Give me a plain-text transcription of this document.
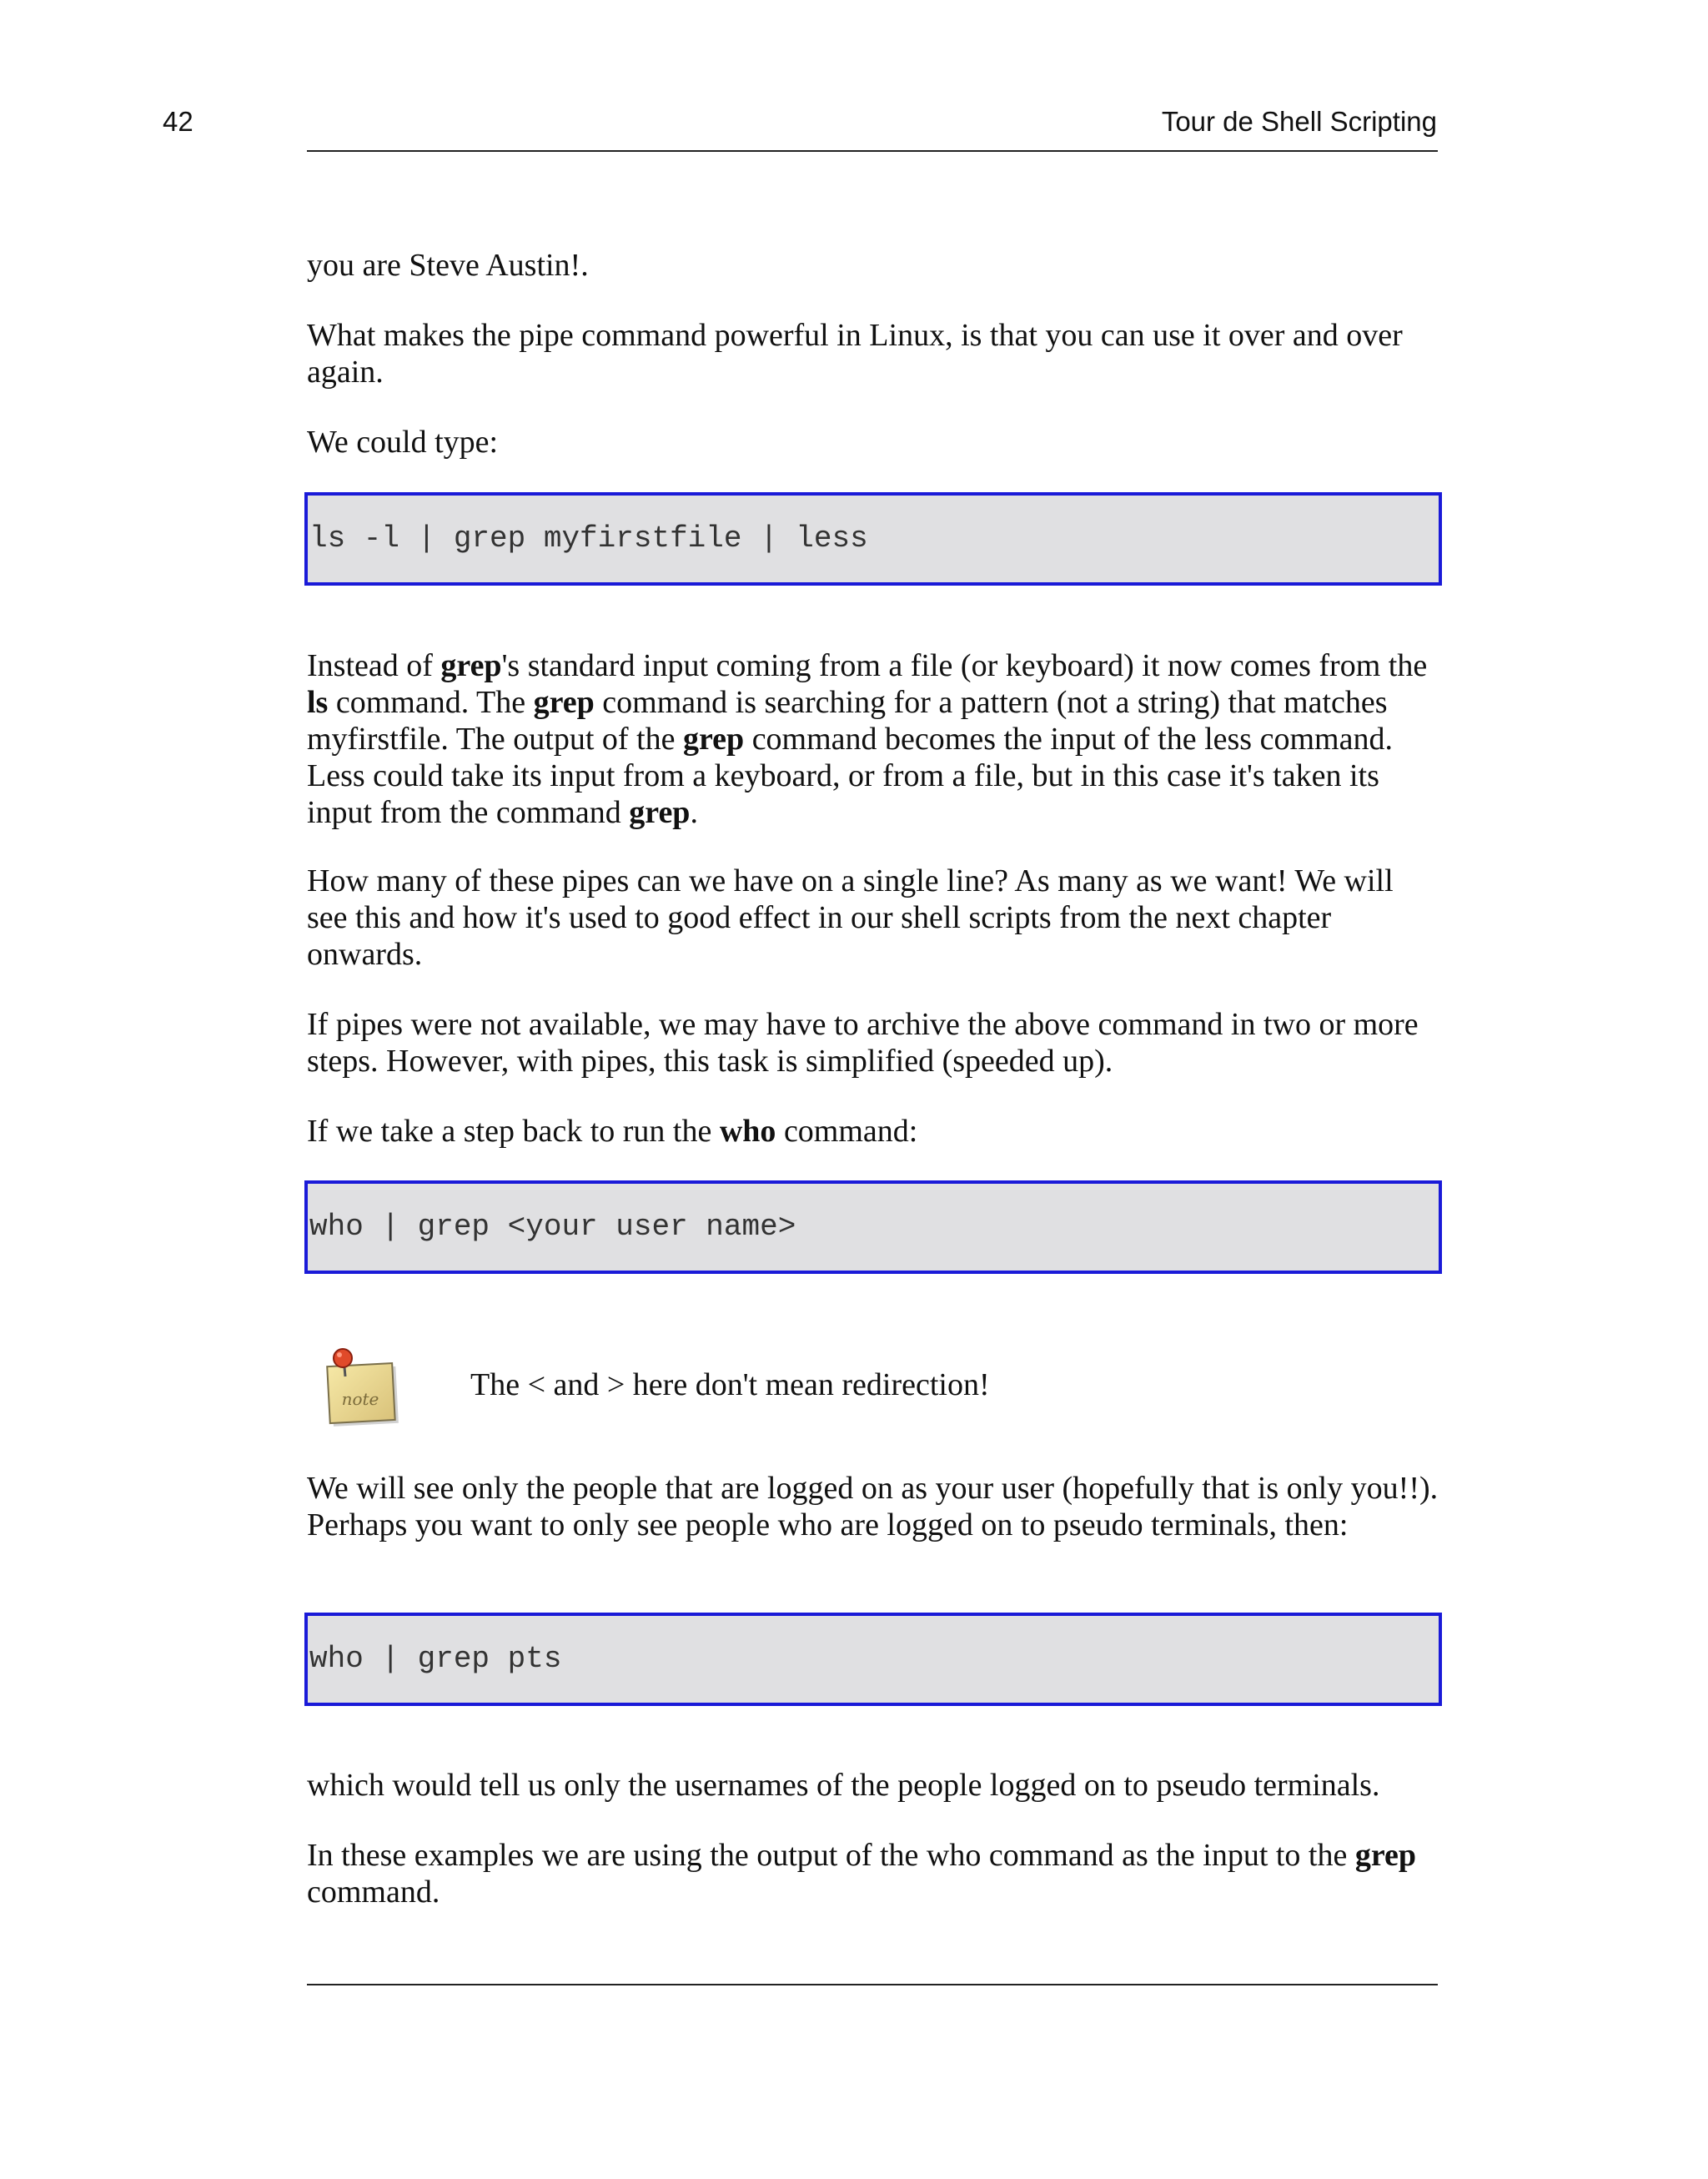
42	Tour de Shell Scripting

you are Steve Austin!.

What makes the pipe command powerful in Linux, is that you can use it over and over again.

We could type:

ls -l | grep myfirstfile | less

Instead of grep's standard input coming from a file (or keyboard) it now comes from the ls command. The grep command is searching for a pattern (not a string) that matches myfirstfile. The output of the grep command becomes the input of the less command. Less could take its input from a keyboard, or from a file, but in this case it's taken its input from the command grep.

How many of these pipes can we have on a single line? As many as we want! We will see this and how it's used to good effect in our shell scripts from the next chapter onwards.

If pipes were not available, we may have to archive the above command in two or more steps. However, with pipes, this task is simplified (speeded up).

If we take a step back to run the who command:

who | grep <your user name>
note	The < and > here don't mean redirection!

We will see only the people that are logged on as your user (hopefully that is only you!!). Perhaps you want to only see people who are logged on to pseudo terminals, then:

who | grep pts

which would tell us only the usernames of the people logged on to pseudo terminals.

In these examples we are using the output of the who command as the input to the grep command.
